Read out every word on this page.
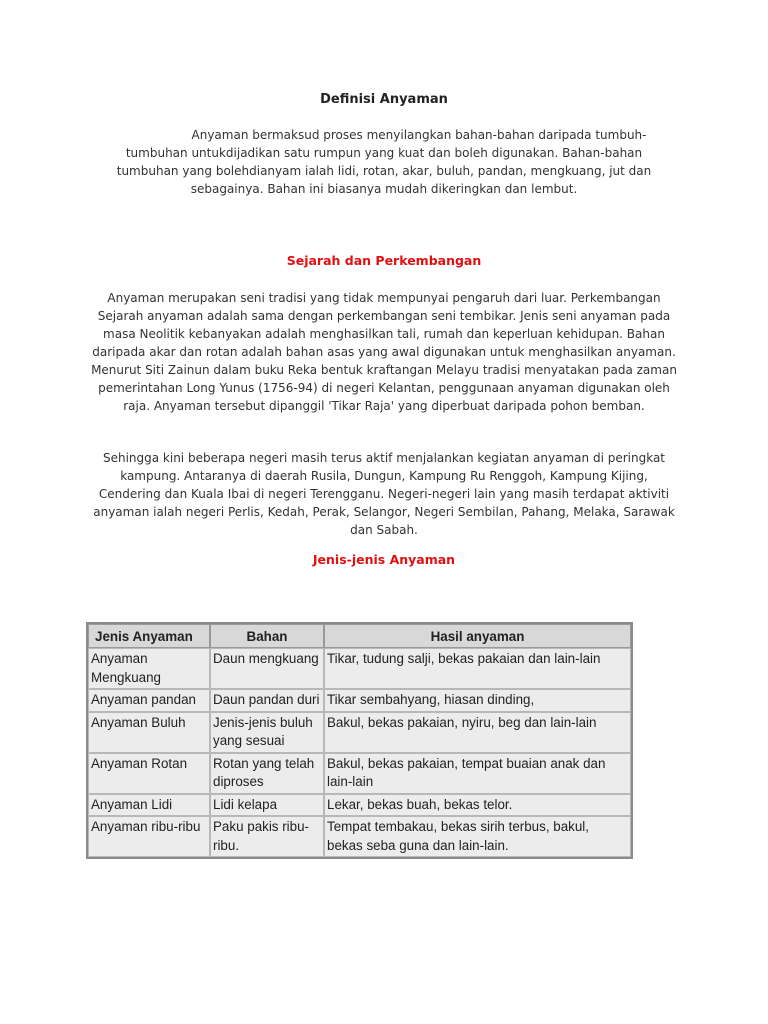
Definisi Anyaman
Anyaman bermaksud proses menyilangkan bahan-bahan daripada tumbuh-tumbuhan untukdijadikan satu rumpun yang kuat dan boleh digunakan. Bahan-bahan tumbuhan yang bolehdianyam ialah lidi, rotan, akar, buluh, pandan, mengkuang, jut dan sebagainya. Bahan ini biasanya mudah dikeringkan dan lembut.
Sejarah dan Perkembangan
Anyaman merupakan seni tradisi yang tidak mempunyai pengaruh dari luar. Perkembangan Sejarah anyaman adalah sama dengan perkembangan seni tembikar. Jenis seni anyaman pada masa Neolitik kebanyakan adalah menghasilkan tali, rumah dan keperluan kehidupan. Bahan daripada akar dan rotan adalah bahan asas yang awal digunakan untuk menghasilkan anyaman. Menurut Siti Zainun dalam buku Reka bentuk kraftangan Melayu tradisi menyatakan pada zaman pemerintahan Long Yunus (1756-94) di negeri Kelantan, penggunaan anyaman digunakan oleh raja. Anyaman tersebut dipanggil 'Tikar Raja' yang diperbuat daripada pohon bemban.
Sehingga kini beberapa negeri masih terus aktif menjalankan kegiatan anyaman di peringkat kampung. Antaranya di daerah Rusila, Dungun, Kampung Ru Renggoh, Kampung Kijing, Cendering dan Kuala Ibai di negeri Terengganu. Negeri-negeri lain yang masih terdapat aktiviti anyaman ialah negeri Perlis, Kedah, Perak, Selangor, Negeri Sembilan, Pahang, Melaka, Sarawak dan Sabah.
Jenis-jenis Anyaman
Jenis Anyaman	Bahan	Hasil anyaman
Anyaman Mengkuang	Daun mengkuang	Tikar, tudung salji, bekas pakaian dan lain-lain
Anyaman pandan	Daun pandan duri	Tikar sembahyang, hiasan dinding,
Anyaman Buluh	Jenis-jenis buluh yang sesuai	Bakul, bekas pakaian, nyiru, beg dan lain-lain
Anyaman Rotan	Rotan yang telah diproses	Bakul, bekas pakaian, tempat buaian anak dan lain-lain
Anyaman Lidi	Lidi kelapa	Lekar, bekas buah, bekas telor.
Anyaman ribu-ribu	Paku pakis ribu-ribu.	Tempat tembakau, bekas sirih terbus, bakul, bekas seba guna dan lain-lain.
